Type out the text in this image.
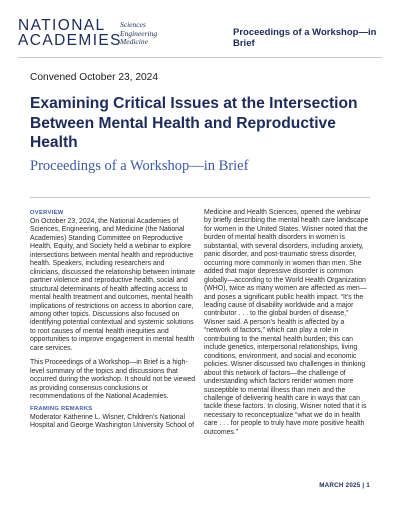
NATIONAL
ACADEMIES
Sciences
Engineering
Medicine
Proceedings of a Workshop—in Brief
Convened October 23, 2024
Examining Critical Issues at the Intersection Between Mental Health and Reproductive Health
Proceedings of a Workshop—in Brief
OVERVIEW

On October 23, 2024, the National Academies of Sciences, Engineering, and Medicine (the National Academies) Standing Committee on Reproductive Health, Equity, and Society held a webinar to explore intersections between mental health and reproductive health. Speakers, including researchers and clinicians, discussed the relationship between intimate partner violence and reproductive health, social and structural determinants of health affecting access to mental health treatment and outcomes, mental health implications of restrictions on access to abortion care, among other topics. Discussions also focused on identifying potential contextual and systemic solutions to root causes of mental health inequities and opportunities to improve engagement in mental health care services.

This Proceedings of a Workshop—in Brief is a high-level summary of the topics and discussions that occurred during the workshop. It should not be viewed as providing consensus conclusions or recommendations of the National Academies.

FRAMING REMARKS

Moderator Katherine L. Wisner, Children’s National Hospital and George Washington University School of

Medicine and Health Sciences, opened the webinar by briefly describing the mental health care landscape for women in the United States. Wisner noted that the burden of mental health disorders in women is substantial, with several disorders, including anxiety, panic disorder, and post-traumatic stress disorder, occurring more commonly in women than men. She added that major depressive disorder is common globally—according to the World Health Organization (WHO), twice as many women are affected as men—and poses a significant public health impact. “It’s the leading cause of disability worldwide and a major contributor . . . to the global burden of disease,” Wisner said. A person’s health is affected by a “network of factors,” which can play a role in contributing to the mental health burden; this can include genetics, interpersonal relationships, living conditions, environment, and social and economic policies. Wisner discussed two challenges in thinking about this network of factors—the challenge of understanding which factors render women more susceptible to mental illness than men and the challenge of delivering health care in ways that can tackle these factors. In closing, Wisner noted that it is necessary to reconceptualize “what we do in health care . . . for people to truly have more positive health outcomes.”

MARCH 2025 | 1
